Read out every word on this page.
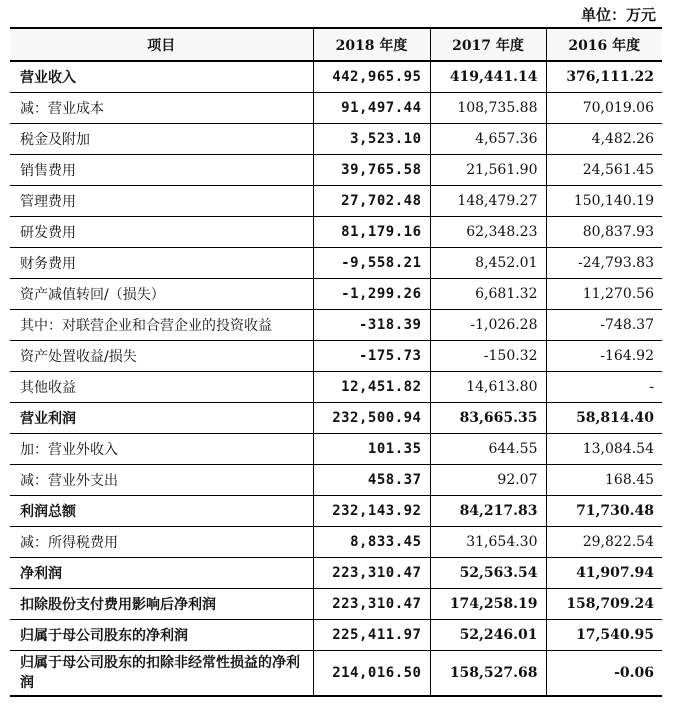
单位：万元
项目	2018 年度	2017 年度	2016 年度
营业收入	442,965.95	419,441.14	376,111.22
减：营业成本	91,497.44	108,735.88	70,019.06
税金及附加	3,523.10	4,657.36	4,482.26
销售费用	39,765.58	21,561.90	24,561.45
管理费用	27,702.48	148,479.27	150,140.19
研发费用	81,179.16	62,348.23	80,837.93
财务费用	-9,558.21	8,452.01	-24,793.83
资产减值转回/（损失）	-1,299.26	6,681.32	11,270.56
其中：对联营企业和合营企业的投资收益	-318.39	-1,026.28	-748.37
资产处置收益/损失	-175.73	-150.32	-164.92
其他收益	12,451.82	14,613.80	-
营业利润	232,500.94	83,665.35	58,814.40
加：营业外收入	101.35	644.55	13,084.54
减：营业外支出	458.37	92.07	168.45
利润总额	232,143.92	84,217.83	71,730.48
减：所得税费用	8,833.45	31,654.30	29,822.54
净利润	223,310.47	52,563.54	41,907.94
扣除股份支付费用影响后净利润	223,310.47	174,258.19	158,709.24
归属于母公司股东的净利润	225,411.97	52,246.01	17,540.95
归属于母公司股东的扣除非经常性损益的净利润	214,016.50	158,527.68	-0.06
